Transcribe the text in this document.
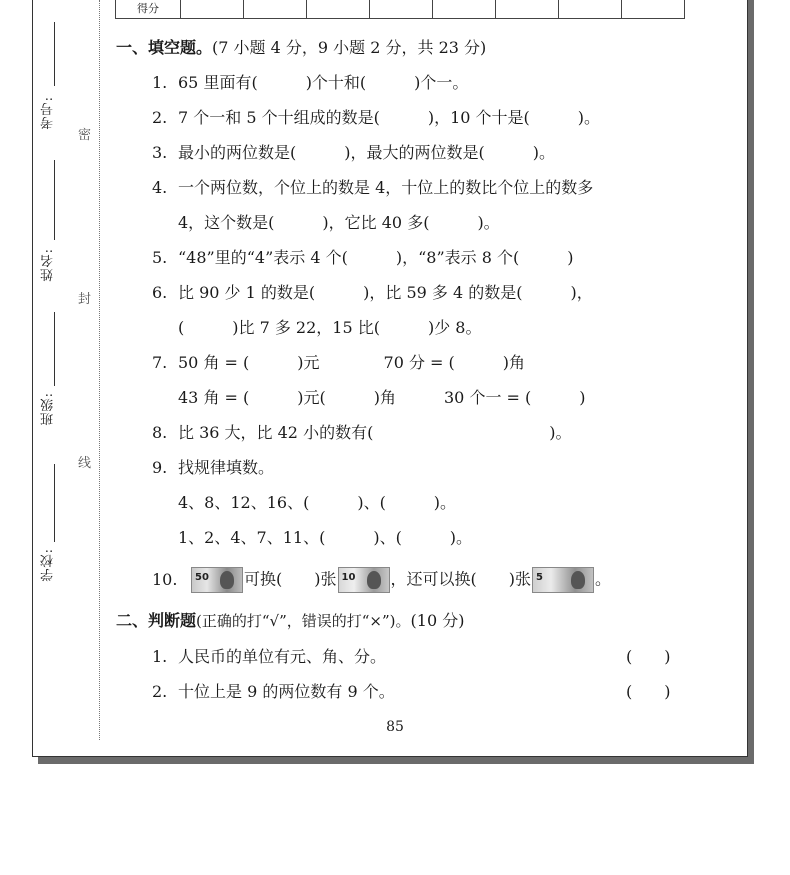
考号:
姓名:
班级:
学校:
密
封
线
得分								
一、填空题。(7 小题 4 分，9 小题 2 分，共 23 分)
1. 65 里面有(　　　)个十和(　　　)个一。
2. 7 个一和 5 个十组成的数是(　　　)，10 个十是(　　　)。
3. 最小的两位数是(　　　)，最大的两位数是(　　　)。
4. 一个两位数，个位上的数是 4，十位上的数比个位上的数多
4，这个数是(　　　)，它比 40 多(　　　)。
5. “48”里的“4”表示 4 个(　　　)，“8”表示 8 个(　　　)
6. 比 90 少 1 的数是(　　　)，比 59 多 4 的数是(　　　)，
(　　　)比 7 多 22，15 比(　　　)少 8。
7. 50 角 = (　　　)元　　　　70 分 = (　　　)角
43 角 = (　　　)元(　　　)角　　　30 个一 = (　　　)
8. 比 36 大，比 42 小的数有(　　　　　　　　　　　)。
9. 找规律填数。
4、8、12、16、(　　　)、(　　　)。
1、2、4、7、11、(　　　)、(　　　)。
10. 50 可换(　　)张 10 ，还可以换(　　)张 5	。
二、判断题(正确的打“√”，错误的打“×”)。(10 分)
1. 人民币的单位有元、角、分。	(　　)
2. 十位上是 9 的两位数有 9 个。	(　　)
85
